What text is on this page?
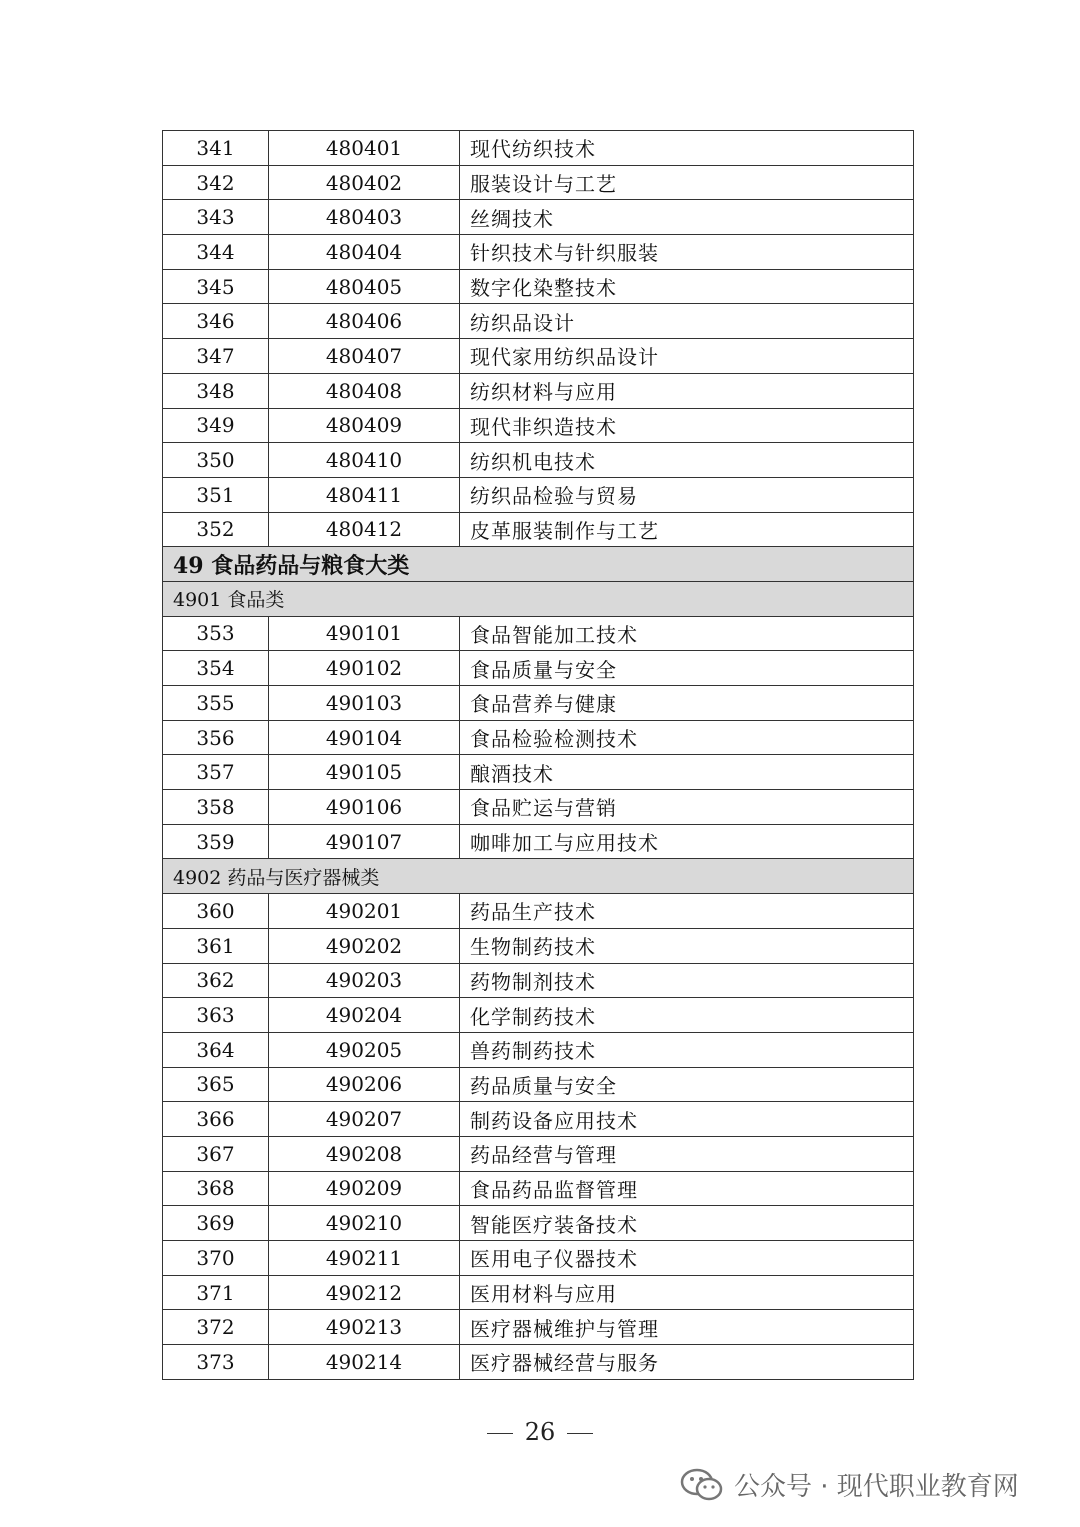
341	480401	现代纺织技术
342	480402	服装设计与工艺
343	480403	丝绸技术
344	480404	针织技术与针织服装
345	480405	数字化染整技术
346	480406	纺织品设计
347	480407	现代家用纺织品设计
348	480408	纺织材料与应用
349	480409	现代非织造技术
350	480410	纺织机电技术
351	480411	纺织品检验与贸易
352	480412	皮革服装制作与工艺
49 食品药品与粮食大类		
4901 食品类		
353	490101	食品智能加工技术
354	490102	食品质量与安全
355	490103	食品营养与健康
356	490104	食品检验检测技术
357	490105	酿酒技术
358	490106	食品贮运与营销
359	490107	咖啡加工与应用技术
4902 药品与医疗器械类		
360	490201	药品生产技术
361	490202	生物制药技术
362	490203	药物制剂技术
363	490204	化学制药技术
364	490205	兽药制药技术
365	490206	药品质量与安全
366	490207	制药设备应用技术
367	490208	药品经营与管理
368	490209	食品药品监督管理
369	490210	智能医疗装备技术
370	490211	医用电子仪器技术
371	490212	医用材料与应用
372	490213	医疗器械维护与管理
373	490214	医疗器械经营与服务
26
公众号 · 现代职业教育网
